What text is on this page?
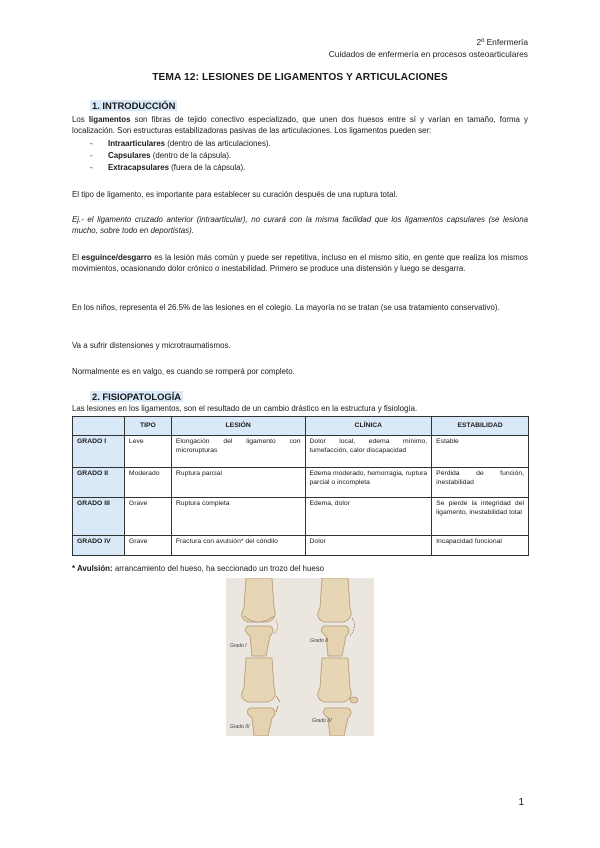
2º Enfermería
Cuidados de enfermería en procesos osteoarticulares
TEMA 12: LESIONES DE LIGAMENTOS Y ARTICULACIONES
1. INTRODUCCIÓN
Los ligamentos son fibras de tejido conectivo especializado, que unen dos huesos entre sí y varían en tamaño, forma y localización. Son estructuras estabilizadoras pasivas de las articulaciones. Los ligamentos pueden ser:
- Intraarticulares (dentro de las articulaciones).
- Capsulares (dentro de la cápsula).
- Extracapsulares (fuera de la cápsula).
El tipo de ligamento, es importante para establecer su curación después de una ruptura total.
Ej.- el ligamento cruzado anterior (intraarticular), no curará con la misma facilidad que los ligamentos capsulares (se lesiona mucho, sobre todo en deportistas).
El esguince/desgarro es la lesión más común y puede ser repetitiva, incluso en el mismo sitio, en gente que realiza los mismos movimientos, ocasionando dolor crónico o inestabilidad. Primero se produce una distensión y luego se desgarra.
En los niños, representa el 26.5% de las lesiones en el colegio. La mayoría no se tratan (se usa tratamiento conservativo).
Va a sufrir distensiones y microtraumatismos.
Normalmente es en valgo, es cuando se romperá por completo.
2. FISIOPATOLOGÍA
Las lesiones en los ligamentos, son el resultado de un cambio drástico en la estructura y fisiología.
	TIPO	LESIÓN	CLÍNICA	ESTABILIDAD
GRADO I	Leve	Elongación del ligamento con microrupturas	Dolor local, edema mínimo, tumefacción, calor discapacidad	Estable
GRADO II	Moderado	Ruptura parcial	Edema moderado, hemorragia, ruptura parcial o incompleta	Pérdida de función, inestabilidad
GRADO III	Grave	Ruptura completa	Edema, dolor	Se pierde la integridad del ligamento, inestabilidad total
GRADO IV	Grave	Fractura con avulsión* del cóndilo	Dolor	Incapacidad funcional
* Avulsión: arrancamiento del hueso, ha seccionado un trozo del hueso
Grado I
Grado II
Grado III
Grado IV
1
